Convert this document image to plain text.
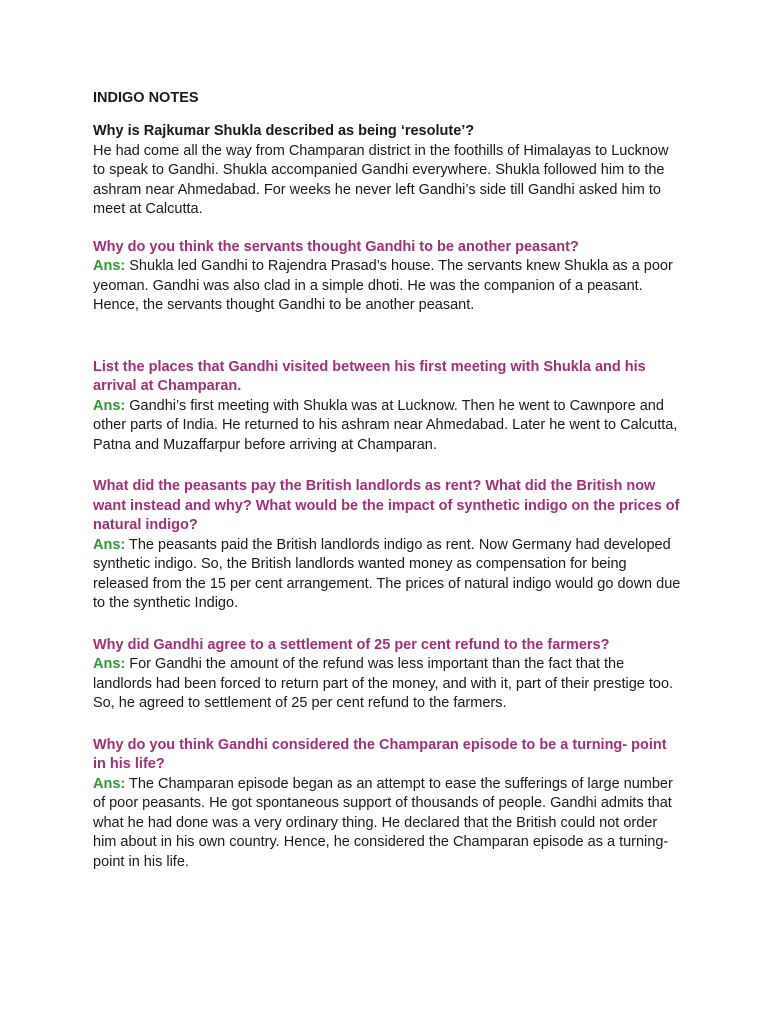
INDIGO NOTES

Why is Rajkumar Shukla described as being ‘resolute’?

He had come all the way from Champaran district in the foothills of Himalayas to Lucknow to speak to Gandhi. Shukla accompanied Gandhi everywhere. Shukla followed him to the ashram near Ahmedabad. For weeks he never left Gandhi’s side till Gandhi asked him to meet at Calcutta.

Why do you think the servants thought Gandhi to be another peasant?

Ans: Shukla led Gandhi to Rajendra Prasad’s house. The servants knew Shukla as a poor yeoman. Gandhi was also clad in a simple dhoti. He was the companion of a peasant. Hence, the servants thought Gandhi to be another peasant.

List the places that Gandhi visited between his first meeting with Shukla and his arrival at Champaran.

Ans: Gandhi’s first meeting with Shukla was at Lucknow. Then he went to Cawnpore and other parts of India. He returned to his ashram near Ahmedabad. Later he went to Calcutta, Patna and Muzaffarpur before arriving at Champaran.

What did the peasants pay the British landlords as rent? What did the British now want instead and why? What would be the impact of synthetic indigo on the prices of natural indigo?

Ans: The peasants paid the British landlords indigo as rent. Now Germany had developed synthetic indigo. So, the British landlords wanted money as compensation for being released from the 15 per cent arrangement. The prices of natural indigo would go down due to the synthetic Indigo.

Why did Gandhi agree to a settlement of 25 per cent refund to the farmers?

Ans: For Gandhi the amount of the refund was less important than the fact that the landlords had been forced to return part of the money, and with it, part of their prestige too. So, he agreed to settlement of 25 per cent refund to the farmers.

Why do you think Gandhi considered the Champaran episode to be a turning- point in his life?

Ans: The Champaran episode began as an attempt to ease the sufferings of large number of poor peasants. He got spontaneous support of thousands of people. Gandhi admits that what he had done was a very ordinary thing. He declared that the British could not order him about in his own country. Hence, he considered the Champaran episode as a turning- point in his life.
